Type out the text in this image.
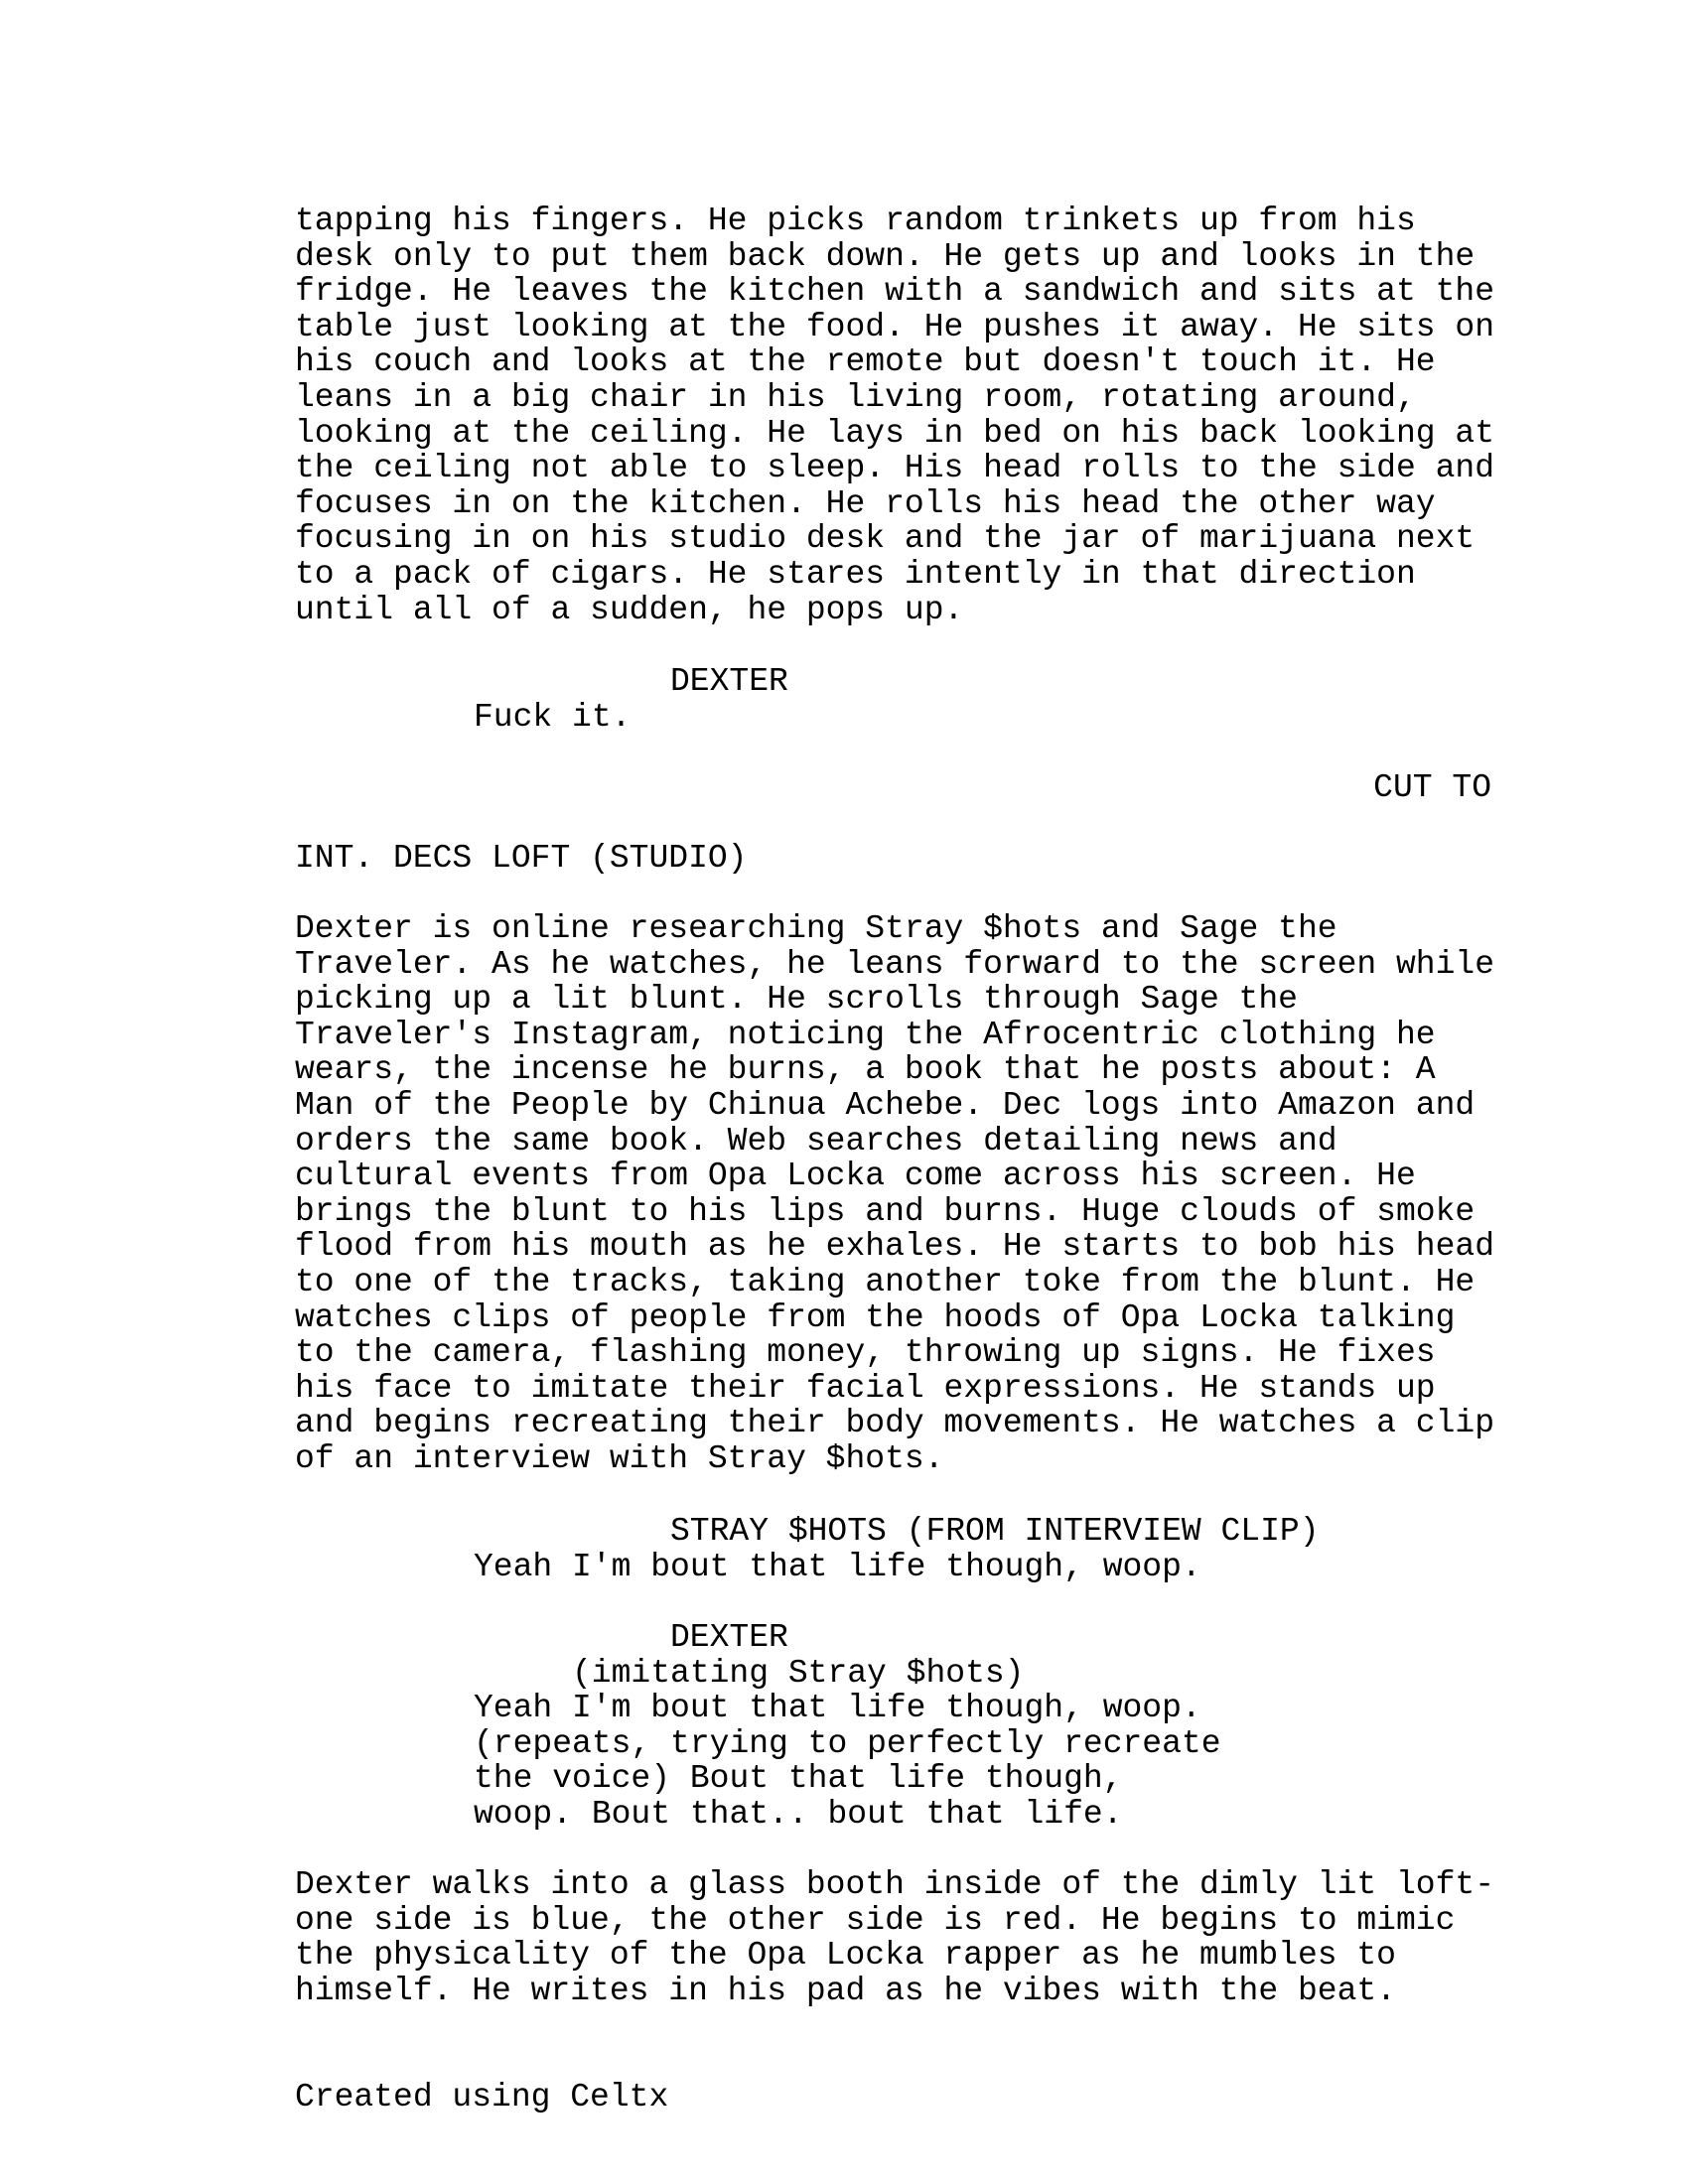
tapping his fingers. He picks random trinkets up from his
desk only to put them back down. He gets up and looks in the
fridge. He leaves the kitchen with a sandwich and sits at the
table just looking at the food. He pushes it away. He sits on
his couch and looks at the remote but doesn't touch it. He
leans in a big chair in his living room, rotating around,
looking at the ceiling. He lays in bed on his back looking at
the ceiling not able to sleep. His head rolls to the side and
focuses in on the kitchen. He rolls his head the other way
focusing in on his studio desk and the jar of marijuana next
to a pack of cigars. He stares intently in that direction
until all of a sudden, he pops up.
DEXTER
Fuck it.
CUT TO
INT. DECS LOFT (STUDIO)
Dexter is online researching Stray $hots and Sage the
Traveler. As he watches, he leans forward to the screen while
picking up a lit blunt. He scrolls through Sage the
Traveler's Instagram, noticing the Afrocentric clothing he
wears, the incense he burns, a book that he posts about: A
Man of the People by Chinua Achebe. Dec logs into Amazon and
orders the same book. Web searches detailing news and
cultural events from Opa Locka come across his screen. He
brings the blunt to his lips and burns. Huge clouds of smoke
flood from his mouth as he exhales. He starts to bob his head
to one of the tracks, taking another toke from the blunt. He
watches clips of people from the hoods of Opa Locka talking
to the camera, flashing money, throwing up signs. He fixes
his face to imitate their facial expressions. He stands up
and begins recreating their body movements. He watches a clip
of an interview with Stray $hots.
STRAY $HOTS (FROM INTERVIEW CLIP)
Yeah I'm bout that life though, woop.
DEXTER
(imitating Stray $hots)
Yeah I'm bout that life though, woop.
(repeats, trying to perfectly recreate
the voice) Bout that life though,
woop. Bout that.. bout that life.
Dexter walks into a glass booth inside of the dimly lit loft-
one side is blue, the other side is red. He begins to mimic
the physicality of the Opa Locka rapper as he mumbles to
himself. He writes in his pad as he vibes with the beat.
Created using Celtx
